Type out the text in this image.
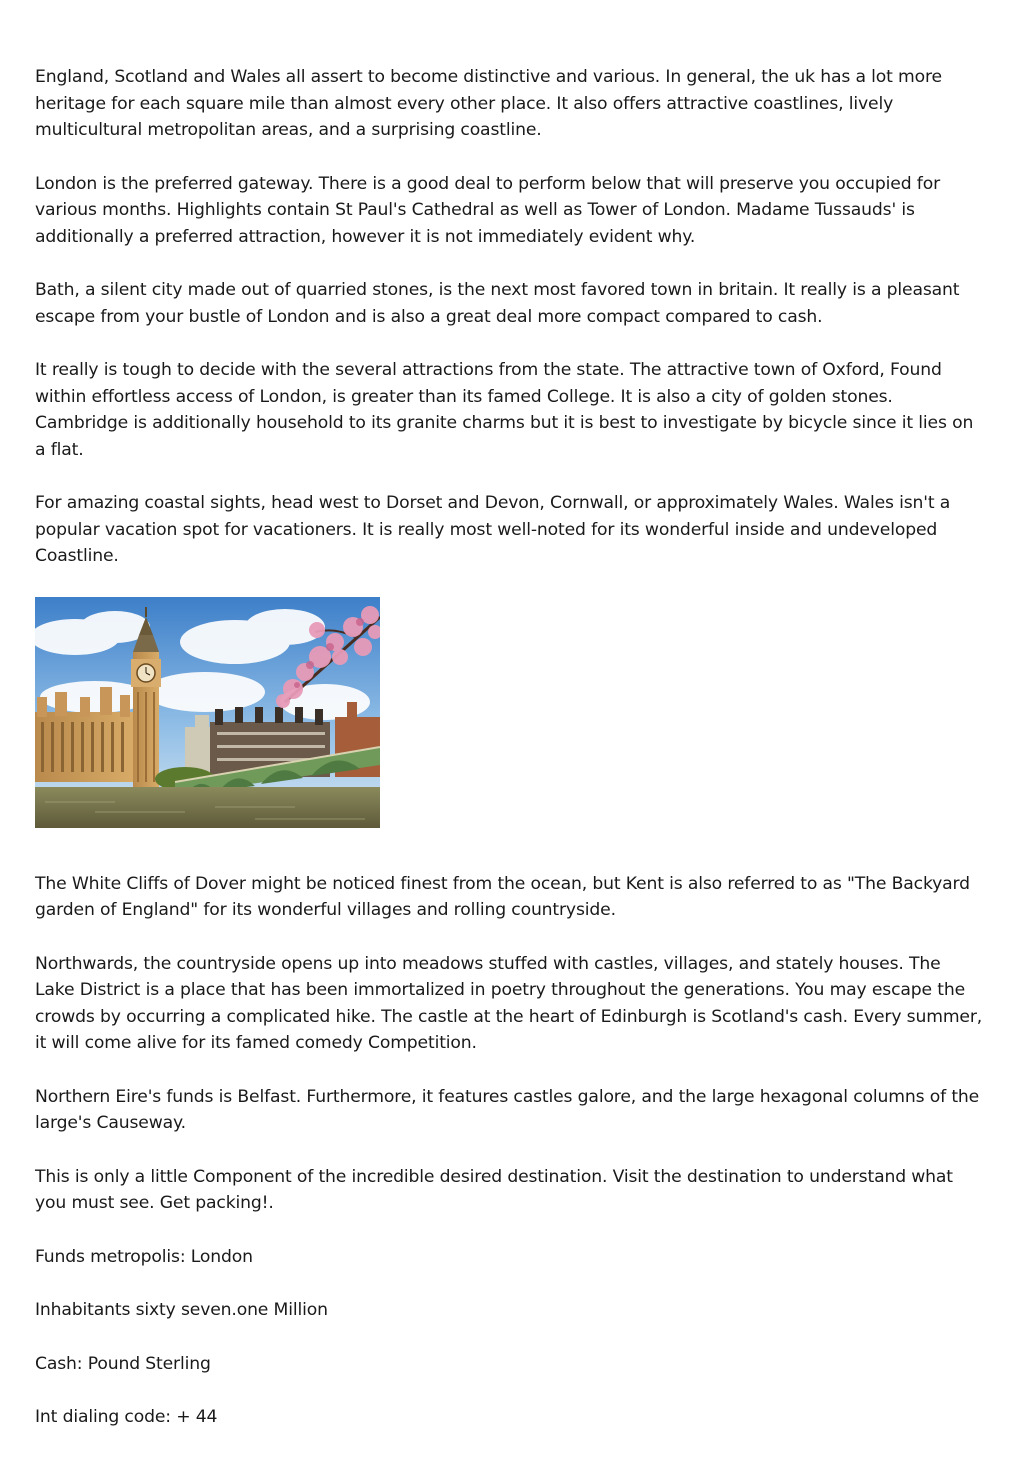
England, Scotland and Wales all assert to become distinctive and various. In general, the uk has a lot more heritage for each square mile than almost every other place. It also offers attractive coastlines, lively multicultural metropolitan areas, and a surprising coastline.

London is the preferred gateway. There is a good deal to perform below that will preserve you occupied for various months. Highlights contain St Paul's Cathedral as well as Tower of London. Madame Tussauds' is additionally a preferred attraction, however it is not immediately evident why.

Bath, a silent city made out of quarried stones, is the next most favored town in britain. It really is a pleasant escape from your bustle of London and is also a great deal more compact compared to cash.

It really is tough to decide with the several attractions from the state. The attractive town of Oxford, Found within effortless access of London, is greater than its famed College. It is also a city of golden stones. Cambridge is additionally household to its granite charms but it is best to investigate by bicycle since it lies on a flat.

For amazing coastal sights, head west to Dorset and Devon, Cornwall, or approximately Wales. Wales isn't a popular vacation spot for vacationers. It is really most well-noted for its wonderful inside and undeveloped Coastline.

The White Cliffs of Dover might be noticed finest from the ocean, but Kent is also referred to as "The Backyard garden of England" for its wonderful villages and rolling countryside.

Northwards, the countryside opens up into meadows stuffed with castles, villages, and stately houses. The Lake District is a place that has been immortalized in poetry throughout the generations. You may escape the crowds by occurring a complicated hike. The castle at the heart of Edinburgh is Scotland's cash. Every summer, it will come alive for its famed comedy Competition.

Northern Eire's funds is Belfast. Furthermore, it features castles galore, and the large hexagonal columns of the large's Causeway.

This is only a little Component of the incredible desired destination. Visit the destination to understand what you must see. Get packing!.

Funds metropolis: London

Inhabitants sixty seven.one Million

Cash: Pound Sterling

Int dialing code: + 44
